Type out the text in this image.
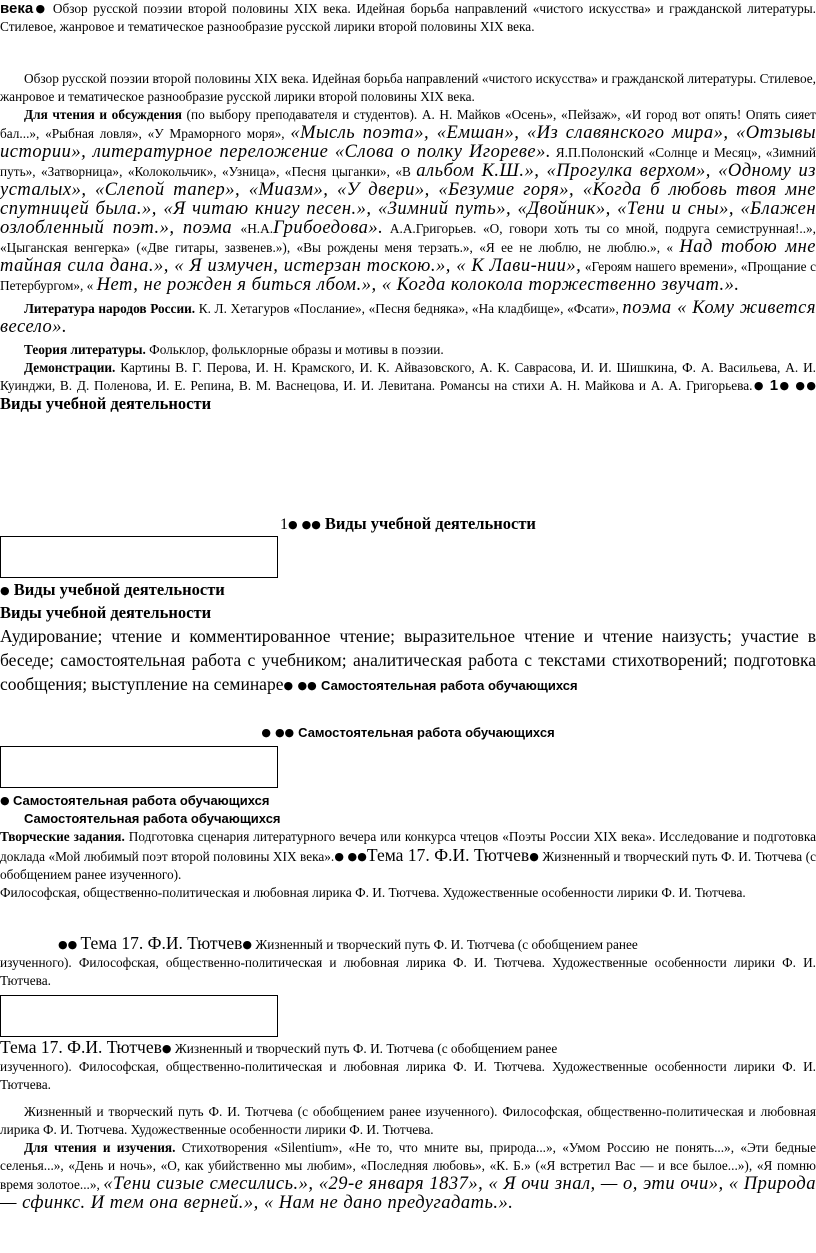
века● Обзор русской поэзии второй половины XIX века. Идейная борьба направлений «чистого искусства» и гражданской литературы. Стилевое, жанровое и тематическое разнообразие русской лирики второй половины XIX века.

Обзор русской поэзии второй половины XIX века. Идейная борьба направлений «чистого искусства» и гражданской литературы. Стилевое, жанровое и тематическое разнообразие русской лирики второй половины XIX века.

Для чтения и обсуждения (по выбору преподавателя и студентов). А. Н. Майков «Осень», «Пейзаж», «И город вот опять! Опять сияет бал...», «Рыбная ловля», «У Мраморного моря», «Мысль поэта», «Емшан», «Из славянского мира», «Отзывы истории», литературное переложение «Слова о полку Игореве». Я.П.Полонский «Солнце и Месяц», «Зимний путь», «Затворница», «Колокольчик», «Узница», «Песня цыганки», «В альбом К.Ш.», «Прогулка верхом», «Одному из усталых», «Слепой тапер», «Миазм», «У двери», «Безумие горя», «Когда б любовь твоя мне спутницей была.», «Я читаю книгу песен.», «Зимний путь», «Двойник», «Тени и сны», «Блажен озлобленный поэт.», поэма «Н.А.Грибоедова». А.А.Григорьев. «О, говори хоть ты со мной, подруга семиструнная!..», «Цыганская венгерка» («Две гитары, зазвенев.»), «Вы рождены меня терзать.», «Я ее не люблю, не люблю.», « Над тобою мне тайная сила дана.», « Я измучен, истерзан тоскою.», « К Лави-нии», «Героям нашего времени», «Прощание с Петербургом», « Нет, не рожден я биться лбом.», « Когда колокола торжественно звучат.».

Литература народов России. К. Л. Хетагуров «Послание», «Песня бедняка», «На кладбище», «Фсати», поэма « Кому живется весело».

Теория литературы. Фольклор, фольклорные образы и мотивы в поэзии.

Демонстрации. Картины В. Г. Перова, И. Н. Крамского, И. К. Айвазовского, А. К. Саврасова, И. И. Шишкина, Ф. А. Васильева, А. И. Куинджи, В. Д. Поленова, И. Е. Репина, В. М. Васнецова, И. И. Левитана. Романсы на стихи А. Н. Майкова и А. А. Григорьева.● 1● ●● Виды учебной деятельности

1● ●● Виды учебной деятельности

● Виды учебной деятельности

Виды учебной деятельности

Аудирование; чтение и комментированное чтение; выразительное чтение и чтение наизусть; участие в беседе; самостоятельная работа с учебником; аналитическая работа с текстами стихотворений; подготовка сообщения; выступление на семинаре● ●● Самостоятельная работа обучающихся

● ●● Самостоятельная работа обучающихся

● Самостоятельная работа обучающихся

Самостоятельная работа обучающихся

Творческие задания. Подготовка сценария литературного вечера или конкурса чтецов «Поэты России XIX века». Исследование и подготовка доклада «Мой любимый поэт второй половины XIX века».● ●●Тема 17. Ф.И. Тютчев● Жизненный и творческий путь Ф. И. Тютчева (с обобщением ранее изученного).

Философская, общественно-политическая и любовная лирика Ф. И. Тютчева. Художественные особенности лирики Ф. И. Тютчева.

●● Тема 17. Ф.И. Тютчев● Жизненный и творческий путь Ф. И. Тютчева (с обобщением ранее

изученного). Философская, общественно-политическая и любовная лирика Ф. И. Тютчева. Художественные особенности лирики Ф. И. Тютчева.

Тема 17. Ф.И. Тютчев● Жизненный и творческий путь Ф. И. Тютчева (с обобщением ранее

изученного). Философская, общественно-политическая и любовная лирика Ф. И. Тютчева. Художественные особенности лирики Ф. И. Тютчева.

Жизненный и творческий путь Ф. И. Тютчева (с обобщением ранее изученного). Философская, общественно-политическая и любовная лирика Ф. И. Тютчева. Художественные особенности лирики Ф. И. Тютчева.

Для чтения и изучения. Стихотворения «Silentium», «Не то, что мните вы, природа...», «Умом Россию не понять...», «Эти бедные селенья...», «День и ночь», «О, как убийственно мы любим», «Последняя любовь», «К. Б.» («Я встретил Вас — и все былое...»), «Я помню время золотое...», «Тени сизые смесились.», «29-е января 1837», « Я очи знал, — о, эти очи», « Природа — сфинкс. И тем она верней.», « Нам не дано предугадать.».
